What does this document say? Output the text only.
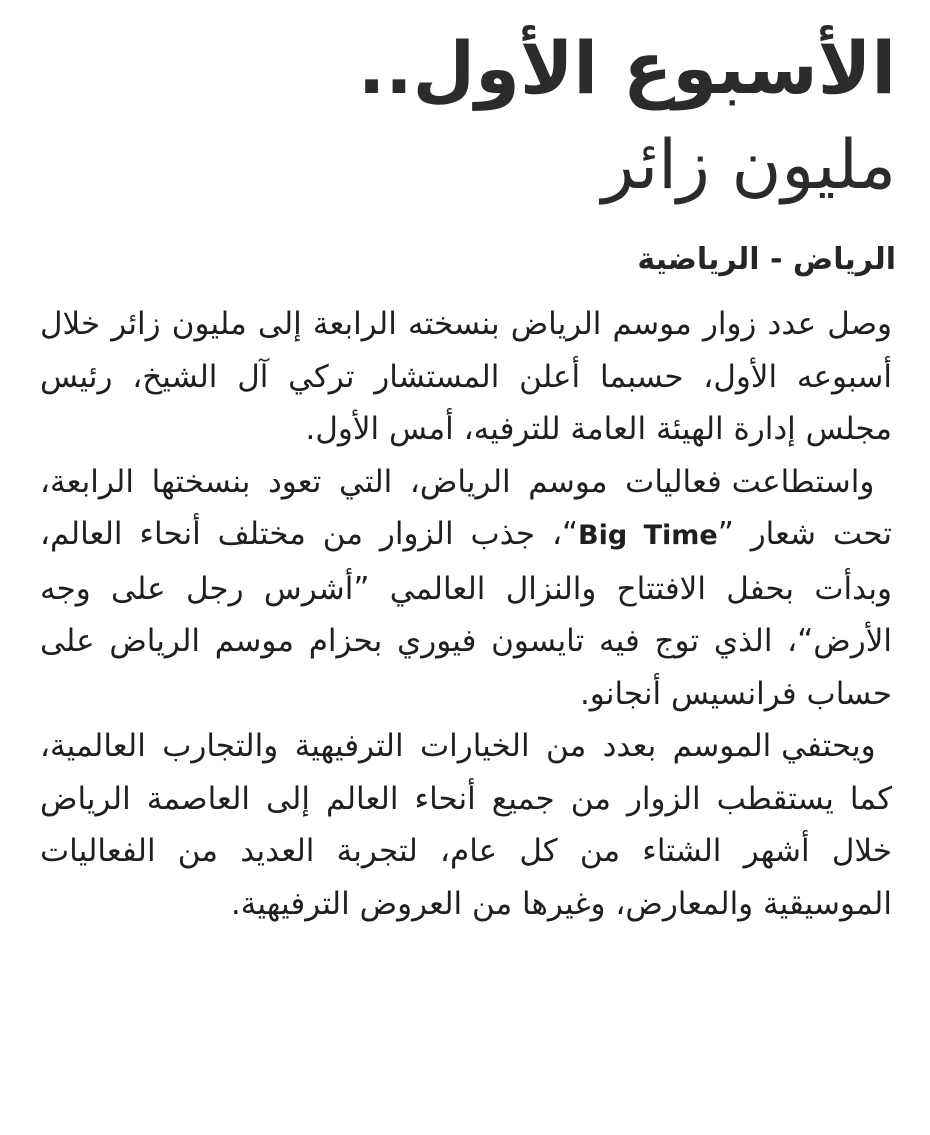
الأسبوع الأول..
مليون زائر
الرياض - الرياضية

وصل عدد زوار موسم الرياض بنسخته الرابعة إلى مليون زائر خلال أسبوعه الأول، حسبما أعلن المستشار تركي آل الشيخ، رئيس مجلس إدارة الهيئة العامة للترفيه، أمس الأول.

واستطاعت فعاليات موسم الرياض، التي تعود بنسختها الرابعة، تحت شعار ”Big Time“، جذب الزوار من مختلف أنحاء العالم، وبدأت بحفل الافتتاح والنزال العالمي ”أشرس رجل على وجه الأرض“، الذي توج فيه تايسون فيوري بحزام موسم الرياض على حساب فرانسيس أنجانو.

ويحتفي الموسم بعدد من الخيارات الترفيهية والتجارب العالمية، كما يستقطب الزوار من جميع أنحاء العالم إلى العاصمة الرياض خلال أشهر الشتاء من كل عام، لتجربة العديد من الفعاليات الموسيقية والمعارض، وغيرها من العروض الترفيهية.
